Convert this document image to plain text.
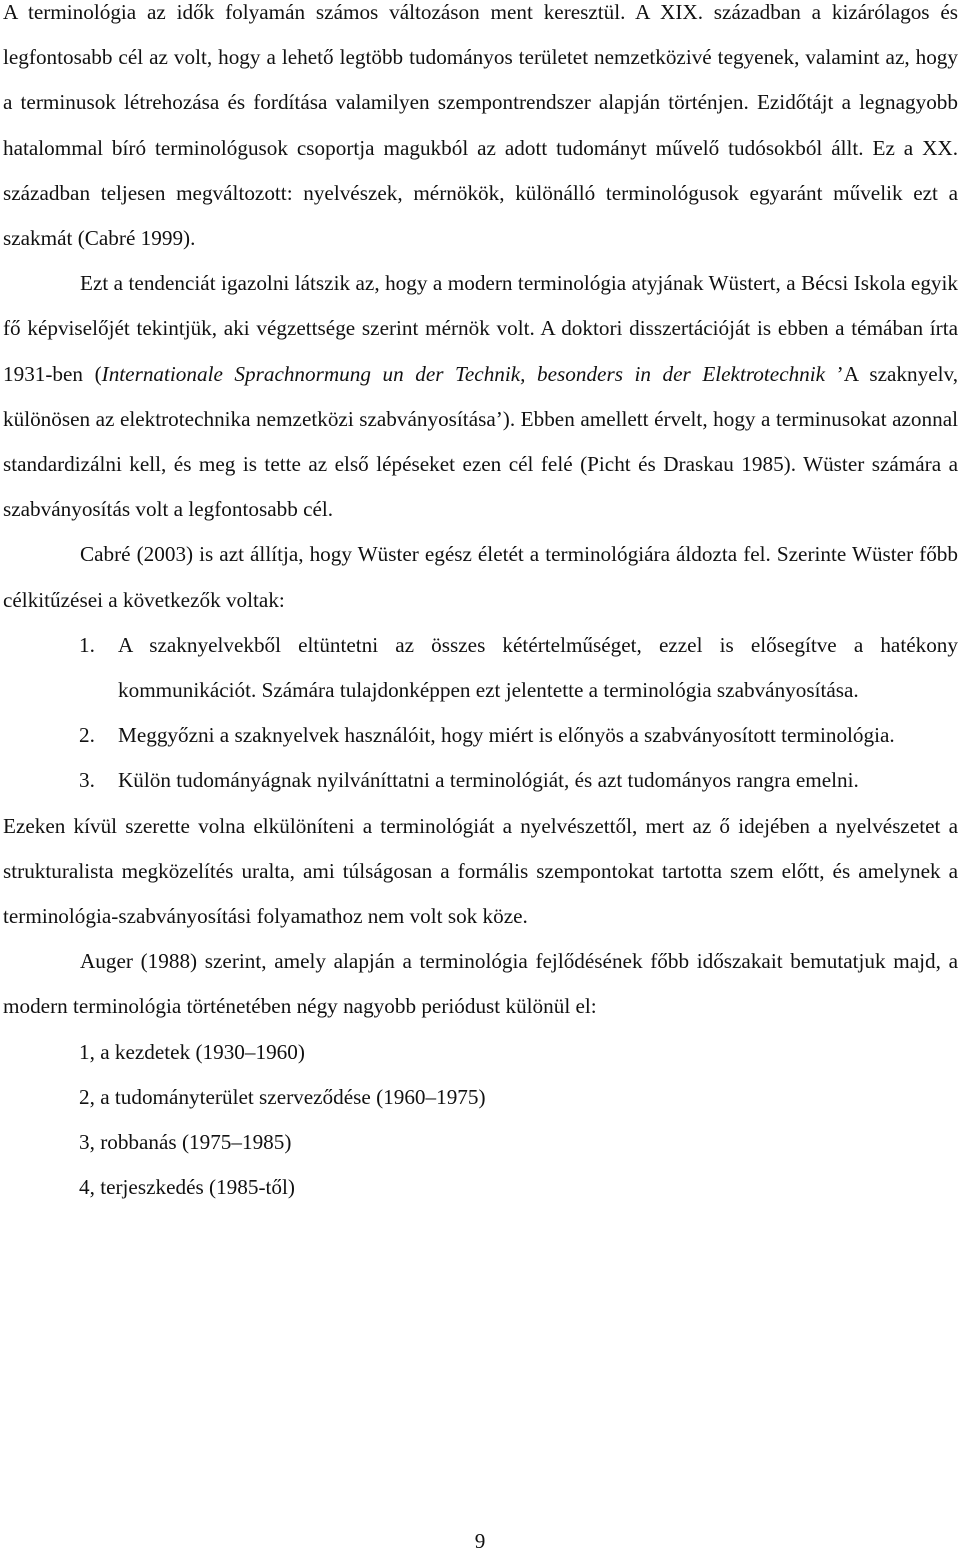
A terminológia az idők folyamán számos változáson ment keresztül. A XIX. században a kizárólagos és legfontosabb cél az volt, hogy a lehető legtöbb tudományos területet nemzetközivé tegyenek, valamint az, hogy a terminusok létrehozása és fordítása valamilyen szempontrendszer alapján történjen. Ezidőtájt a legnagyobb hatalommal bíró terminológusok csoportja magukból az adott tudományt művelő tudósokból állt. Ez a XX. században teljesen megváltozott: nyelvészek, mérnökök, különálló terminológusok egyaránt művelik ezt a szakmát (Cabré 1999).

Ezt a tendenciát igazolni látszik az, hogy a modern terminológia atyjának Wüstert, a Bécsi Iskola egyik fő képviselőjét tekintjük, aki végzettsége szerint mérnök volt. A doktori disszertációját is ebben a témában írta 1931-ben (Internationale Sprachnormung un der Technik, besonders in der Elektrotechnik ’A szaknyelv, különösen az elektrotechnika nemzetközi szabványosítása’). Ebben amellett érvelt, hogy a terminusokat azonnal standardizálni kell, és meg is tette az első lépéseket ezen cél felé (Picht és Draskau 1985). Wüster számára a szabványosítás volt a legfontosabb cél.

Cabré (2003) is azt állítja, hogy Wüster egész életét a terminológiára áldozta fel. Szerinte Wüster főbb célkitűzései a következők voltak:

1. A szaknyelvekből eltüntetni az összes kétértelműséget, ezzel is elősegítve a hatékony kommunikációt. Számára tulajdonképpen ezt jelentette a terminológia szabványosítása.
2. Meggyőzni a szaknyelvek használóit, hogy miért is előnyös a szabványosított terminológia.
3. Külön tudományágnak nyilváníttatni a terminológiát, és azt tudományos rangra emelni.

Ezeken kívül szerette volna elkülöníteni a terminológiát a nyelvészettől, mert az ő idejében a nyelvészetet a strukturalista megközelítés uralta, ami túlságosan a formális szempontokat tartotta szem előtt, és amelynek a terminológia-szabványosítási folyamathoz nem volt sok köze.

Auger (1988) szerint, amely alapján a terminológia fejlődésének főbb időszakait bemutatjuk majd, a modern terminológia történetében négy nagyobb periódust különül el:

1, a kezdetek (1930–1960)
2, a tudományterület szerveződése (1960–1975)
3, robbanás (1975–1985)
4, terjeszkedés (1985-től)
9
